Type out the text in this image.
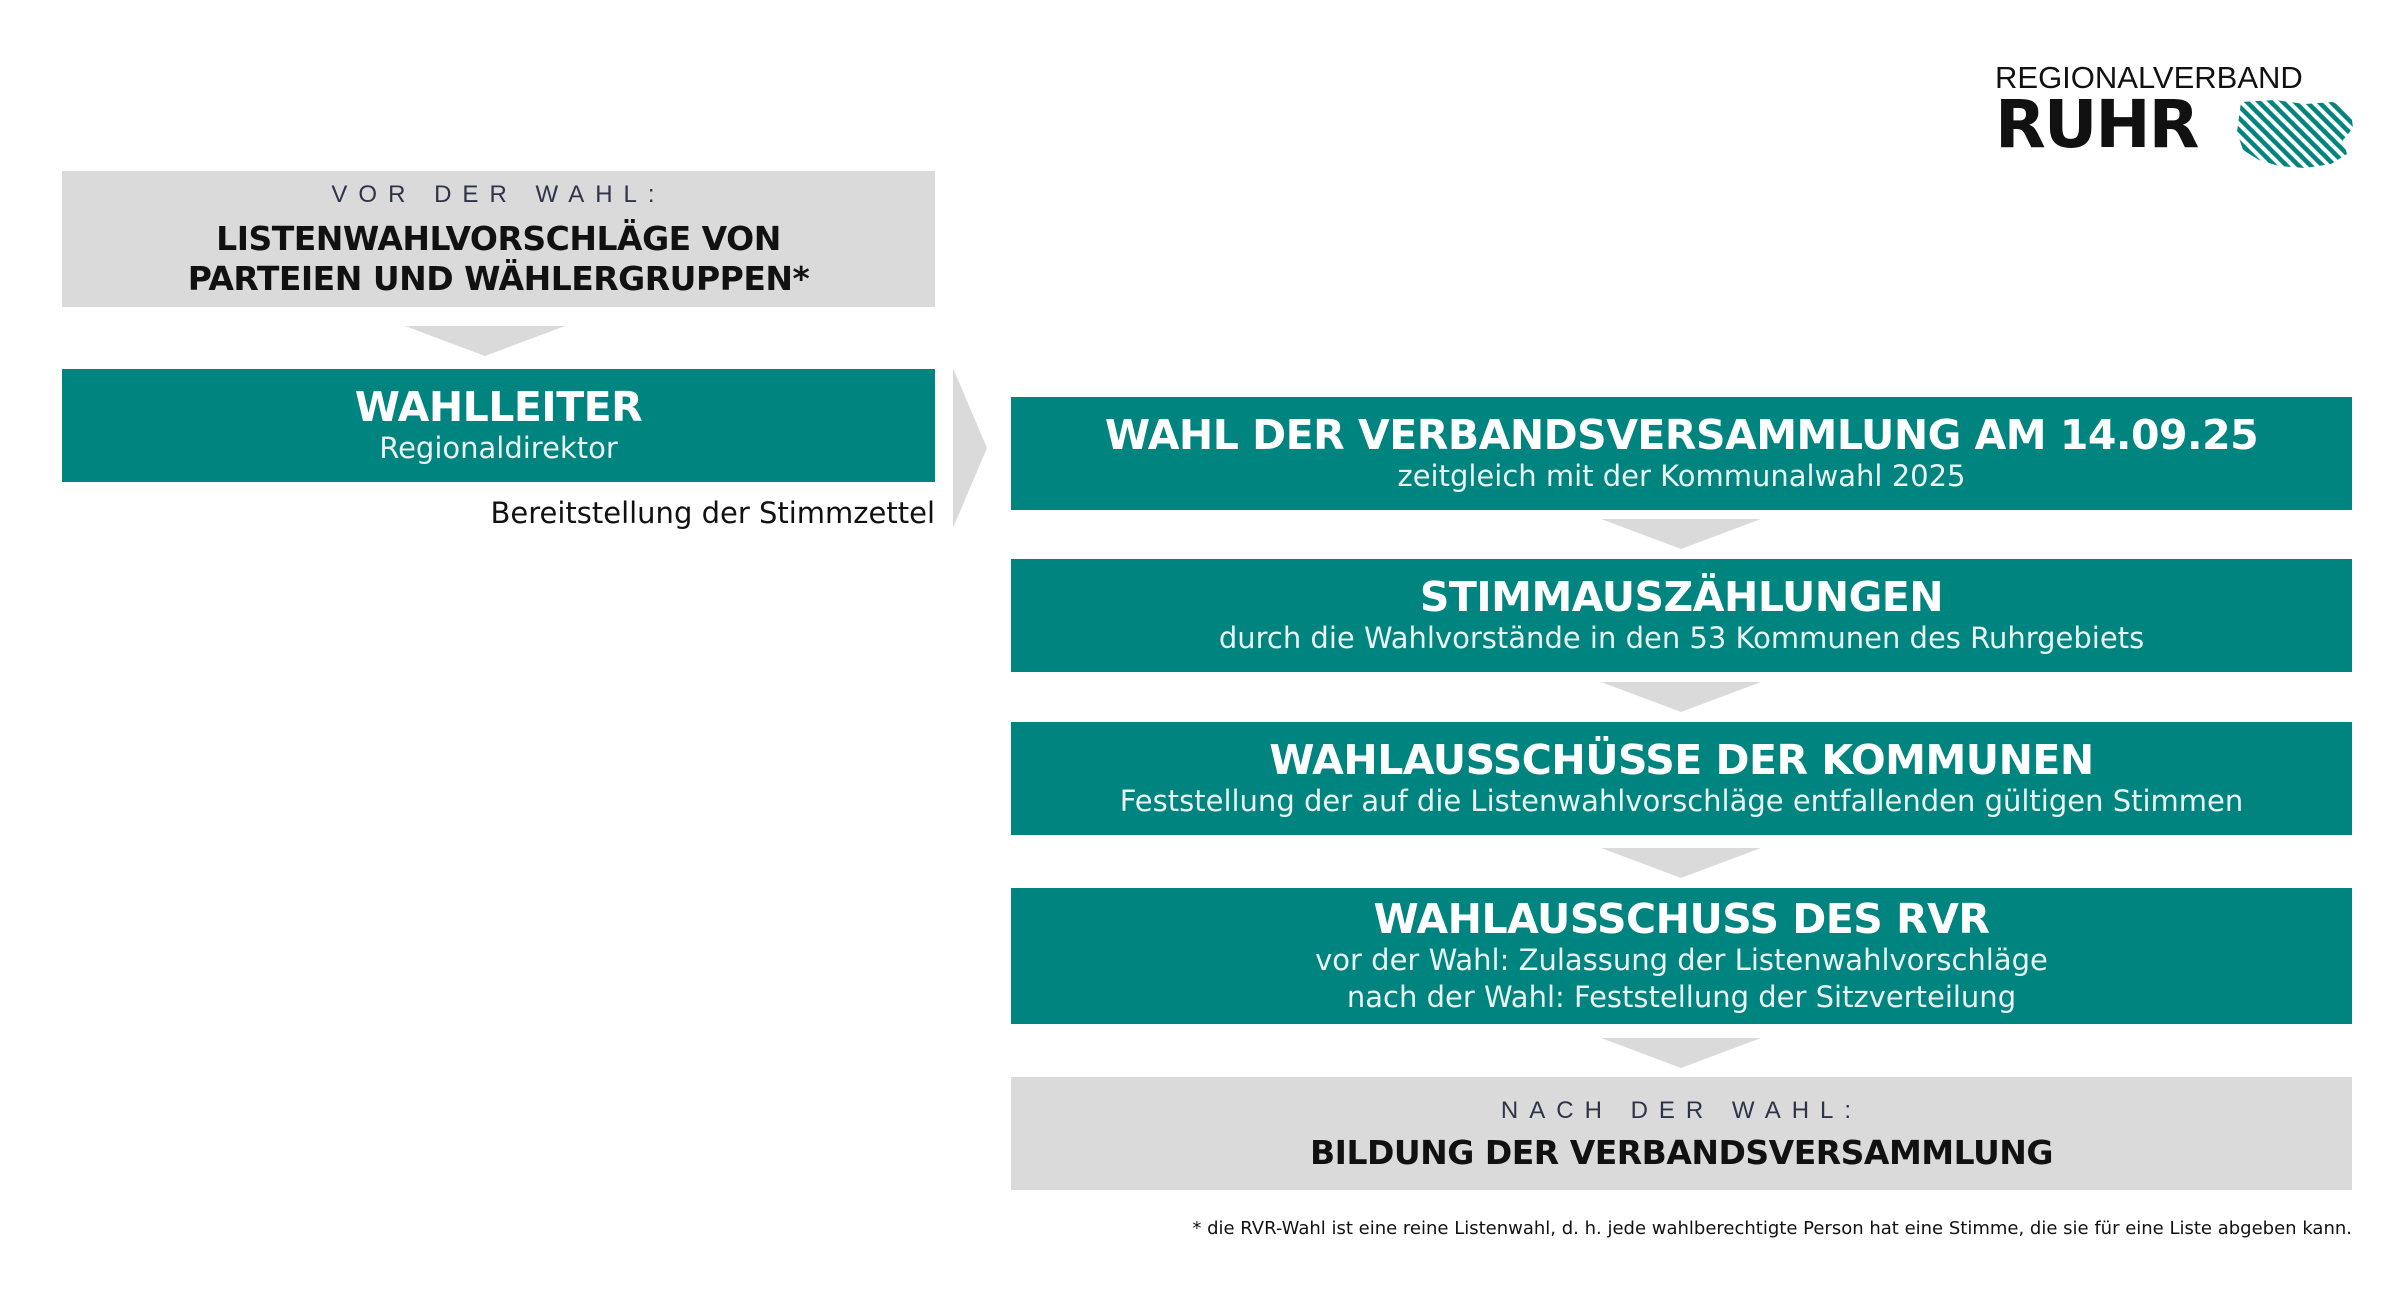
REGIONALVERBAND
RUHR
VOR DER WAHL:
LISTENWAHLVORSCHLÄGE VON
PARTEIEN UND WÄHLERGRUPPEN*
WAHLLEITER
Regionaldirektor
Bereitstellung der Stimmzettel
WAHL DER VERBANDSVERSAMMLUNG AM 14.09.25
zeitgleich mit der Kommunalwahl 2025
STIMMAUSZÄHLUNGEN
durch die Wahlvorstände in den 53 Kommunen des Ruhrgebiets
WAHLAUSSCHÜSSE DER KOMMUNEN
Feststellung der auf die Listenwahlvorschläge entfallenden gültigen Stimmen
WAHLAUSSCHUSS DES RVR
vor der Wahl: Zulassung der Listenwahlvorschläge
nach der Wahl: Feststellung der Sitzverteilung
NACH DER WAHL:
BILDUNG DER VERBANDSVERSAMMLUNG
* die RVR-Wahl ist eine reine Listenwahl, d. h. jede wahlberechtigte Person hat eine Stimme, die sie für eine Liste abgeben kann.
